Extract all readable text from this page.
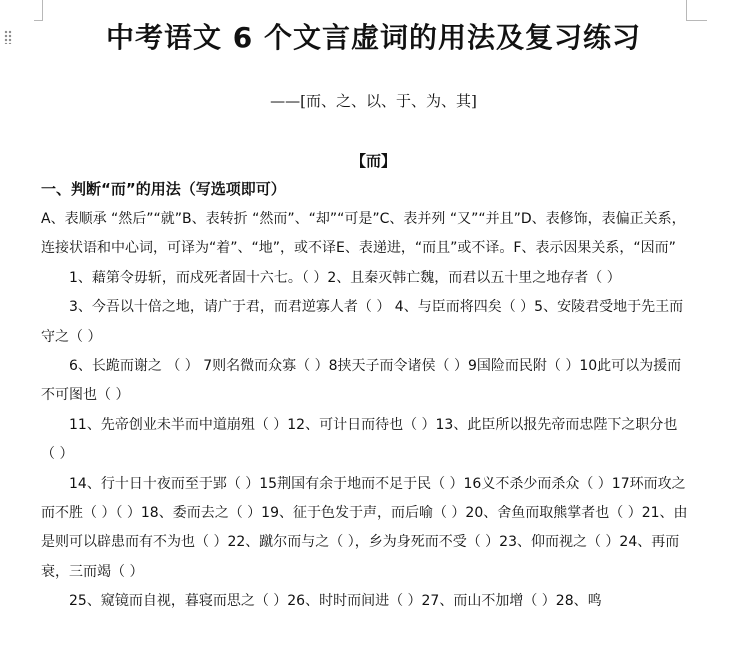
中考语文 6 个文言虚词的用法及复习练习
——[而、之、以、于、为、其]
【而】
一、判断“而”的用法（写选项即可）

A、表顺承 “然后”“就”B、表转折 “然而”、“却”“可是”C、表并列 “又”“并且”D、表修饰，表偏正关系，连接状语和中心词，可译为“着”、“地”，或不译E、表递进，“而且”或不译。F、表示因果关系，“因而”

1、藉第令毋斩，而戍死者固十六七。（ ）2、且秦灭韩亡魏，而君以五十里之地存者（ ）

3、今吾以十倍之地，请广于君，而君逆寡人者（ ） 4、与臣而将四矣（ ）5、安陵君受地于先王而守之（ ）

6、长跪而谢之 （ ） 7则名微而众寡（ ）8挟天子而令诸侯（ ）9国险而民附（ ）10此可以为援而不可图也（ ）

11、先帝创业未半而中道崩殂（ ）12、可计日而待也（ ）13、此臣所以报先帝而忠陛下之职分也（ ）

14、行十日十夜而至于郢（ ）15荆国有余于地而不足于民（ ）16义不杀少而杀众（ ）17环而攻之而不胜（ ）（ ）18、委而去之（ ）19、征于色发于声，而后喻（ ）20、舍鱼而取熊掌者也（ ）21、由是则可以辟患而有不为也（ ）22、蹴尔而与之（ ），乡为身死而不受（ ）23、仰而视之（ ）24、再而衰，三而竭（ ）

25、窥镜而自视，暮寝而思之（ ）26、时时而间进（ ）27、而山不加增（ ）28、鸣
